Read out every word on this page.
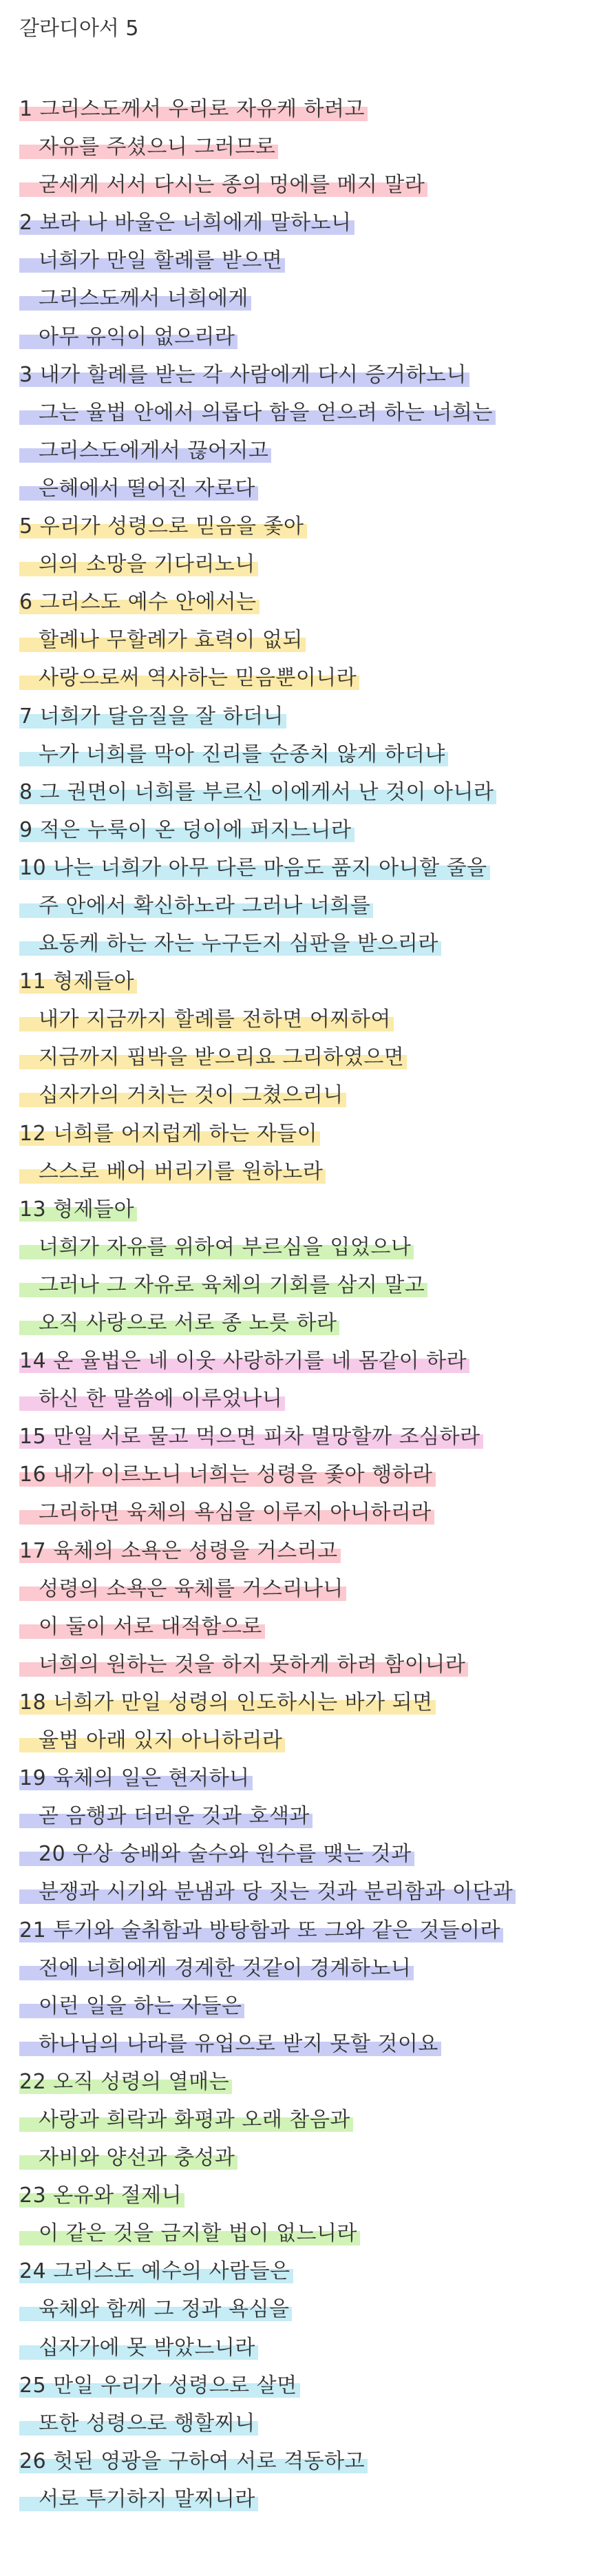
갈라디아서 5
1 그리스도께서 우리로 자유케 하려고
자유를 주셨으니 그러므로
굳세게 서서 다시는 종의 멍에를 메지 말라
2 보라 나 바울은 너희에게 말하노니
너희가 만일 할례를 받으면
그리스도께서 너희에게
아무 유익이 없으리라
3 내가 할례를 받는 각 사람에게 다시 증거하노니
그는 율법 안에서 의롭다 함을 얻으려 하는 너희는
그리스도에게서 끊어지고
은혜에서 떨어진 자로다
5 우리가 성령으로 믿음을 좇아
의의 소망을 기다리노니
6 그리스도 예수 안에서는
할례나 무할례가 효력이 없되
사랑으로써 역사하는 믿음뿐이니라
7 너희가 달음질을 잘 하더니
누가 너희를 막아 진리를 순종치 않게 하더냐
8 그 권면이 너희를 부르신 이에게서 난 것이 아니라
9 적은 누룩이 온 덩이에 퍼지느니라
10 나는 너희가 아무 다른 마음도 품지 아니할 줄을
주 안에서 확신하노라 그러나 너희를
요동케 하는 자는 누구든지 심판을 받으리라
11 형제들아
내가 지금까지 할례를 전하면 어찌하여
지금까지 핍박을 받으리요 그리하였으면
십자가의 거치는 것이 그쳤으리니
12 너희를 어지럽게 하는 자들이
스스로 베어 버리기를 원하노라
13 형제들아
너희가 자유를 위하여 부르심을 입었으나
그러나 그 자유로 육체의 기회를 삼지 말고
오직 사랑으로 서로 종 노릇 하라
14 온 율법은 네 이웃 사랑하기를 네 몸같이 하라
하신 한 말씀에 이루었나니
15 만일 서로 물고 먹으면 피차 멸망할까 조심하라
16 내가 이르노니 너희는 성령을 좇아 행하라
그리하면 육체의 욕심을 이루지 아니하리라
17 육체의 소욕은 성령을 거스리고
성령의 소욕은 육체를 거스리나니
이 둘이 서로 대적함으로
너희의 원하는 것을 하지 못하게 하려 함이니라
18 너희가 만일 성령의 인도하시는 바가 되면
율법 아래 있지 아니하리라
19 육체의 일은 현저하니
곧 음행과 더러운 것과 호색과
20 우상 숭배와 술수와 원수를 맺는 것과
분쟁과 시기와 분냄과 당 짓는 것과 분리함과 이단과
21 투기와 술취함과 방탕함과 또 그와 같은 것들이라
전에 너희에게 경계한 것같이 경계하노니
이런 일을 하는 자들은
하나님의 나라를 유업으로 받지 못할 것이요
22 오직 성령의 열매는
사랑과 희락과 화평과 오래 참음과
자비와 양선과 충성과
23 온유와 절제니
이 같은 것을 금지할 법이 없느니라
24 그리스도 예수의 사람들은
육체와 함께 그 정과 욕심을
십자가에 못 박았느니라
25 만일 우리가 성령으로 살면
또한 성령으로 행할찌니
26 헛된 영광을 구하여 서로 격동하고
서로 투기하지 말찌니라
